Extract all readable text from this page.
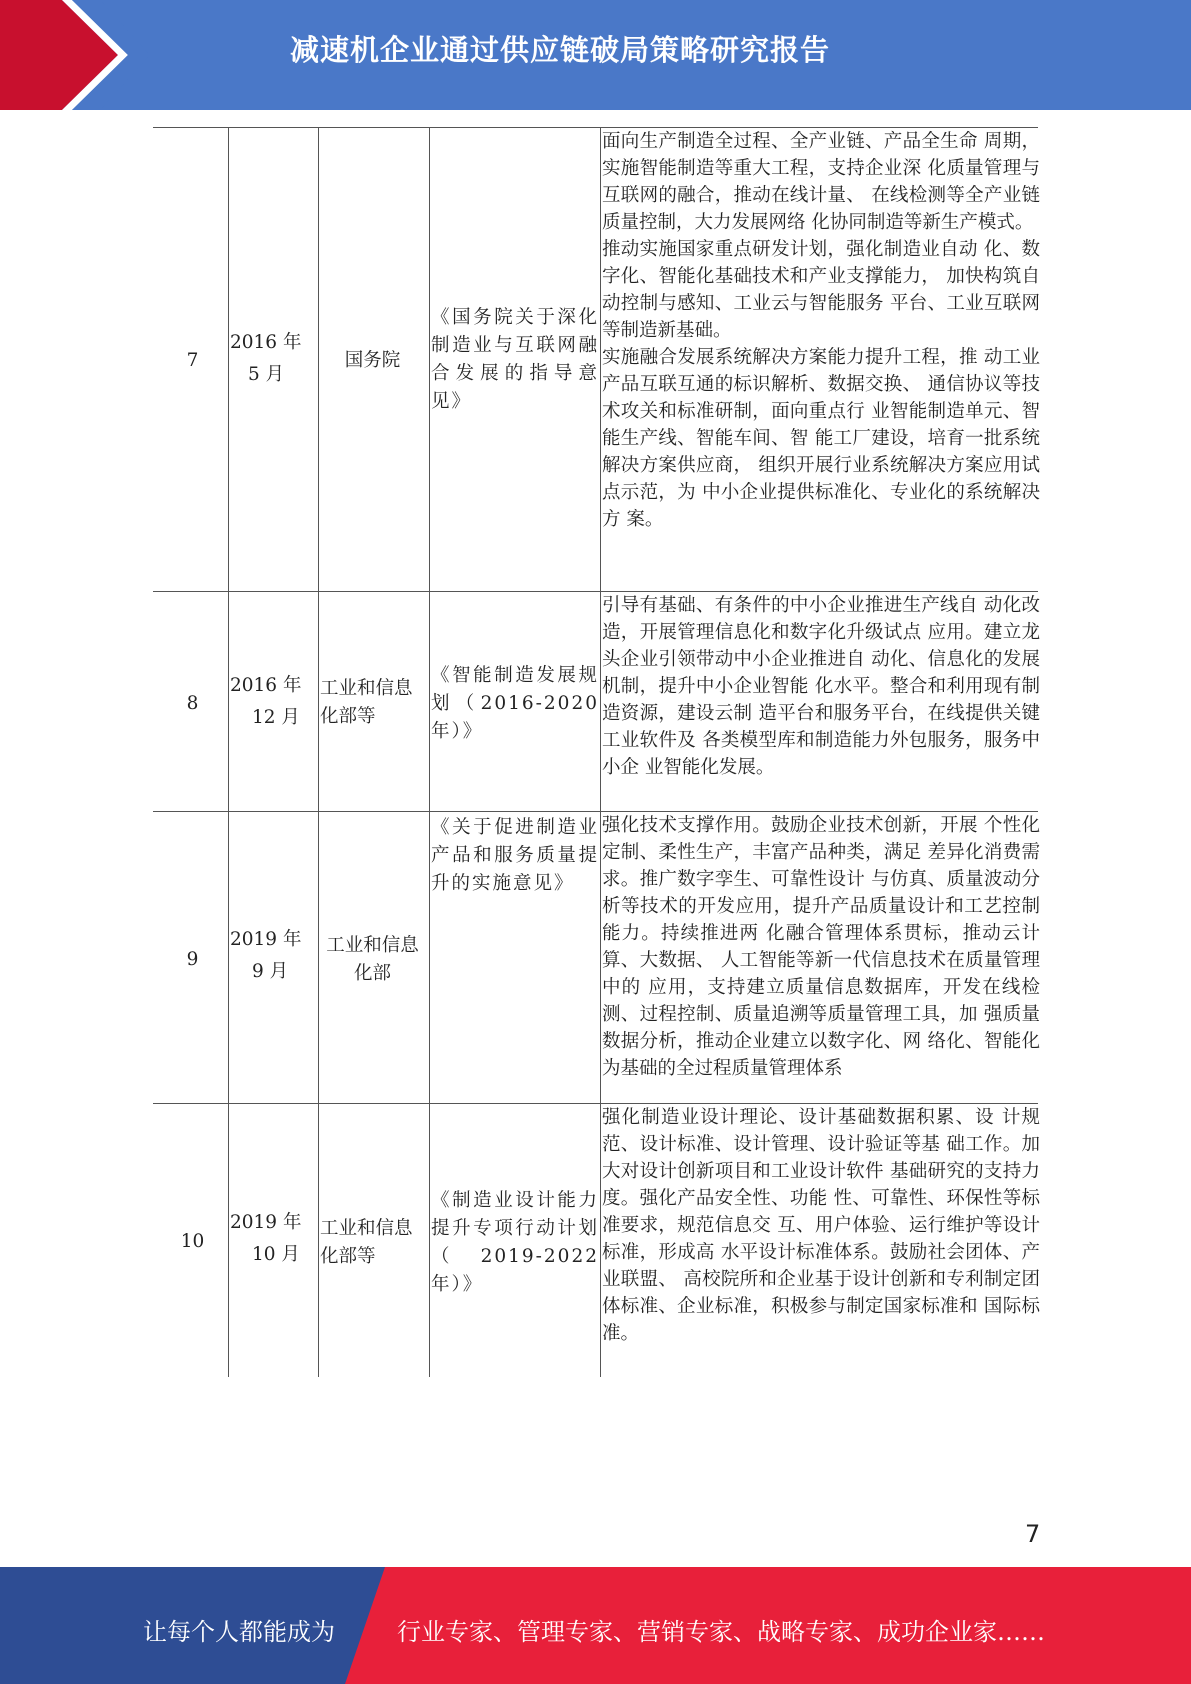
减速机企业通过供应链破局策略研究报告
7
2016 年
5 月
国务院
《国务院关于深化制造业与互联网融合发展的指导意见》

面向生产制造全过程、全产业链、产品全生命 周期，实施智能制造等重大工程，支持企业深 化质量管理与互联网的融合，推动在线计量、 在线检测等全产业链质量控制，大力发展网络 化协同制造等新生产模式。

推动实施国家重点研发计划，强化制造业自动 化、数字化、智能化基础技术和产业支撑能力， 加快构筑自动控制与感知、工业云与智能服务 平台、工业互联网等制造新基础。

实施融合发展系统解决方案能力提升工程，推 动工业产品互联互通的标识解析、数据交换、 通信协议等技术攻关和标准研制，面向重点行 业智能制造单元、智能生产线、智能车间、智 能工厂建设，培育一批系统解决方案供应商， 组织开展行业系统解决方案应用试点示范，为 中小企业提供标准化、专业化的系统解决方 案。

8
2016 年
12 月
工业和信息化部等
《智能制造发展规划（2016-2020年）》

引导有基础、有条件的中小企业推进生产线自 动化改造，开展管理信息化和数字化升级试点 应用。建立龙头企业引领带动中小企业推进自 动化、信息化的发展机制，提升中小企业智能 化水平。整合和利用现有制造资源，建设云制 造平台和服务平台，在线提供关键工业软件及 各类模型库和制造能力外包服务，服务中小企 业智能化发展。

9
2019 年
9 月
工业和信息化部
《关于促进制造业产品和服务质量提升的实施意见》

强化技术支撑作用。鼓励企业技术创新，开展 个性化定制、柔性生产，丰富产品种类，满足 差异化消费需求。推广数字孪生、可靠性设计 与仿真、质量波动分析等技术的开发应用，提升产品质量设计和工艺控制能力。持续推进两 化融合管理体系贯标，推动云计算、大数据、 人工智能等新一代信息技术在质量管理中的 应用，支持建立质量信息数据库，开发在线检 测、过程控制、质量追溯等质量管理工具，加 强质量数据分析，推动企业建立以数字化、网 络化、智能化为基础的全过程质量管理体系

10
2019 年
10 月
工业和信息化部等
《制造业设计能力提升专项行动计划（2019-2022年）》

强化制造业设计理论、设计基础数据积累、设 计规范、设计标准、设计管理、设计验证等基 础工作。加大对设计创新项目和工业设计软件 基础研究的支持力度。强化产品安全性、功能 性、可靠性、环保性等标准要求，规范信息交 互、用户体验、运行维护等设计标准，形成高 水平设计标准体系。鼓励社会团体、产业联盟、 高校院所和企业基于设计创新和专利制定团 体标准、企业标准，积极参与制定国家标准和 国际标准。

7
让每个人都能成为	行业专家、管理专家、营销专家、战略专家、成功企业家……
